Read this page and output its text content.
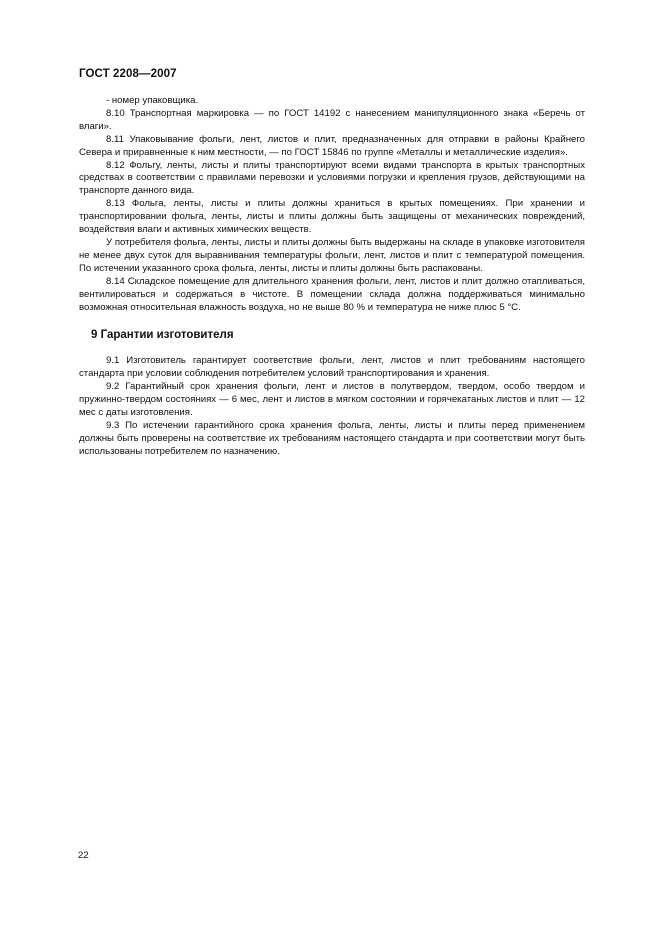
ГОСТ 2208—2007

- номер упаковщика.

8.10 Транспортная маркировка — по ГОСТ 14192 с нанесением манипуляционного знака «Беречь от влаги».

8.11 Упаковывание фольги, лент, листов и плит, предназначенных для отправки в районы Крайнего Севера и приравненные к ним местности, — по ГОСТ 15846 по группе «Металлы и металлические изделия».

8.12 Фольгу, ленты, листы и плиты транспортируют всеми видами транспорта в крытых транспортных средствах в соответствии с правилами перевозки и условиями погрузки и крепления грузов, действующими на транспорте данного вида.

8.13 Фольга, ленты, листы и плиты должны храниться в крытых помещениях. При хранении и транспортировании фольга, ленты, листы и плиты должны быть защищены от механических повреждений, воздействия влаги и активных химических веществ.

У потребителя фольга, ленты, листы и плиты должны быть выдержаны на складе в упаковке изготовителя не менее двух суток для выравнивания температуры фольги, лент, листов и плит с температурой помещения. По истечении указанного срока фольга, ленты, листы и плиты должны быть распакованы.

8.14 Складское помещение для длительного хранения фольги, лент, листов и плит должно отапливаться, вентилироваться и содержаться в чистоте. В помещении склада должна поддерживаться минимально возможная относительная влажность воздуха, но не выше 80 % и температура не ниже плюс 5 °С.

9 Гарантии изготовителя

9.1 Изготовитель гарантирует соответствие фольги, лент, листов и плит требованиям настоящего стандарта при условии соблюдения потребителем условий транспортирования и хранения.

9.2 Гарантийный срок хранения фольги, лент и листов в полутвердом, твердом, особо твердом и пружинно-твердом состояниях — 6 мес, лент и листов в мягком состоянии и горячекатаных листов и плит — 12 мес с даты изготовления.

9.3 По истечении гарантийного срока хранения фольга, ленты, листы и плиты перед применением должны быть проверены на соответствие их требованиям настоящего стандарта и при соответствии могут быть использованы потребителем по назначению.

22
